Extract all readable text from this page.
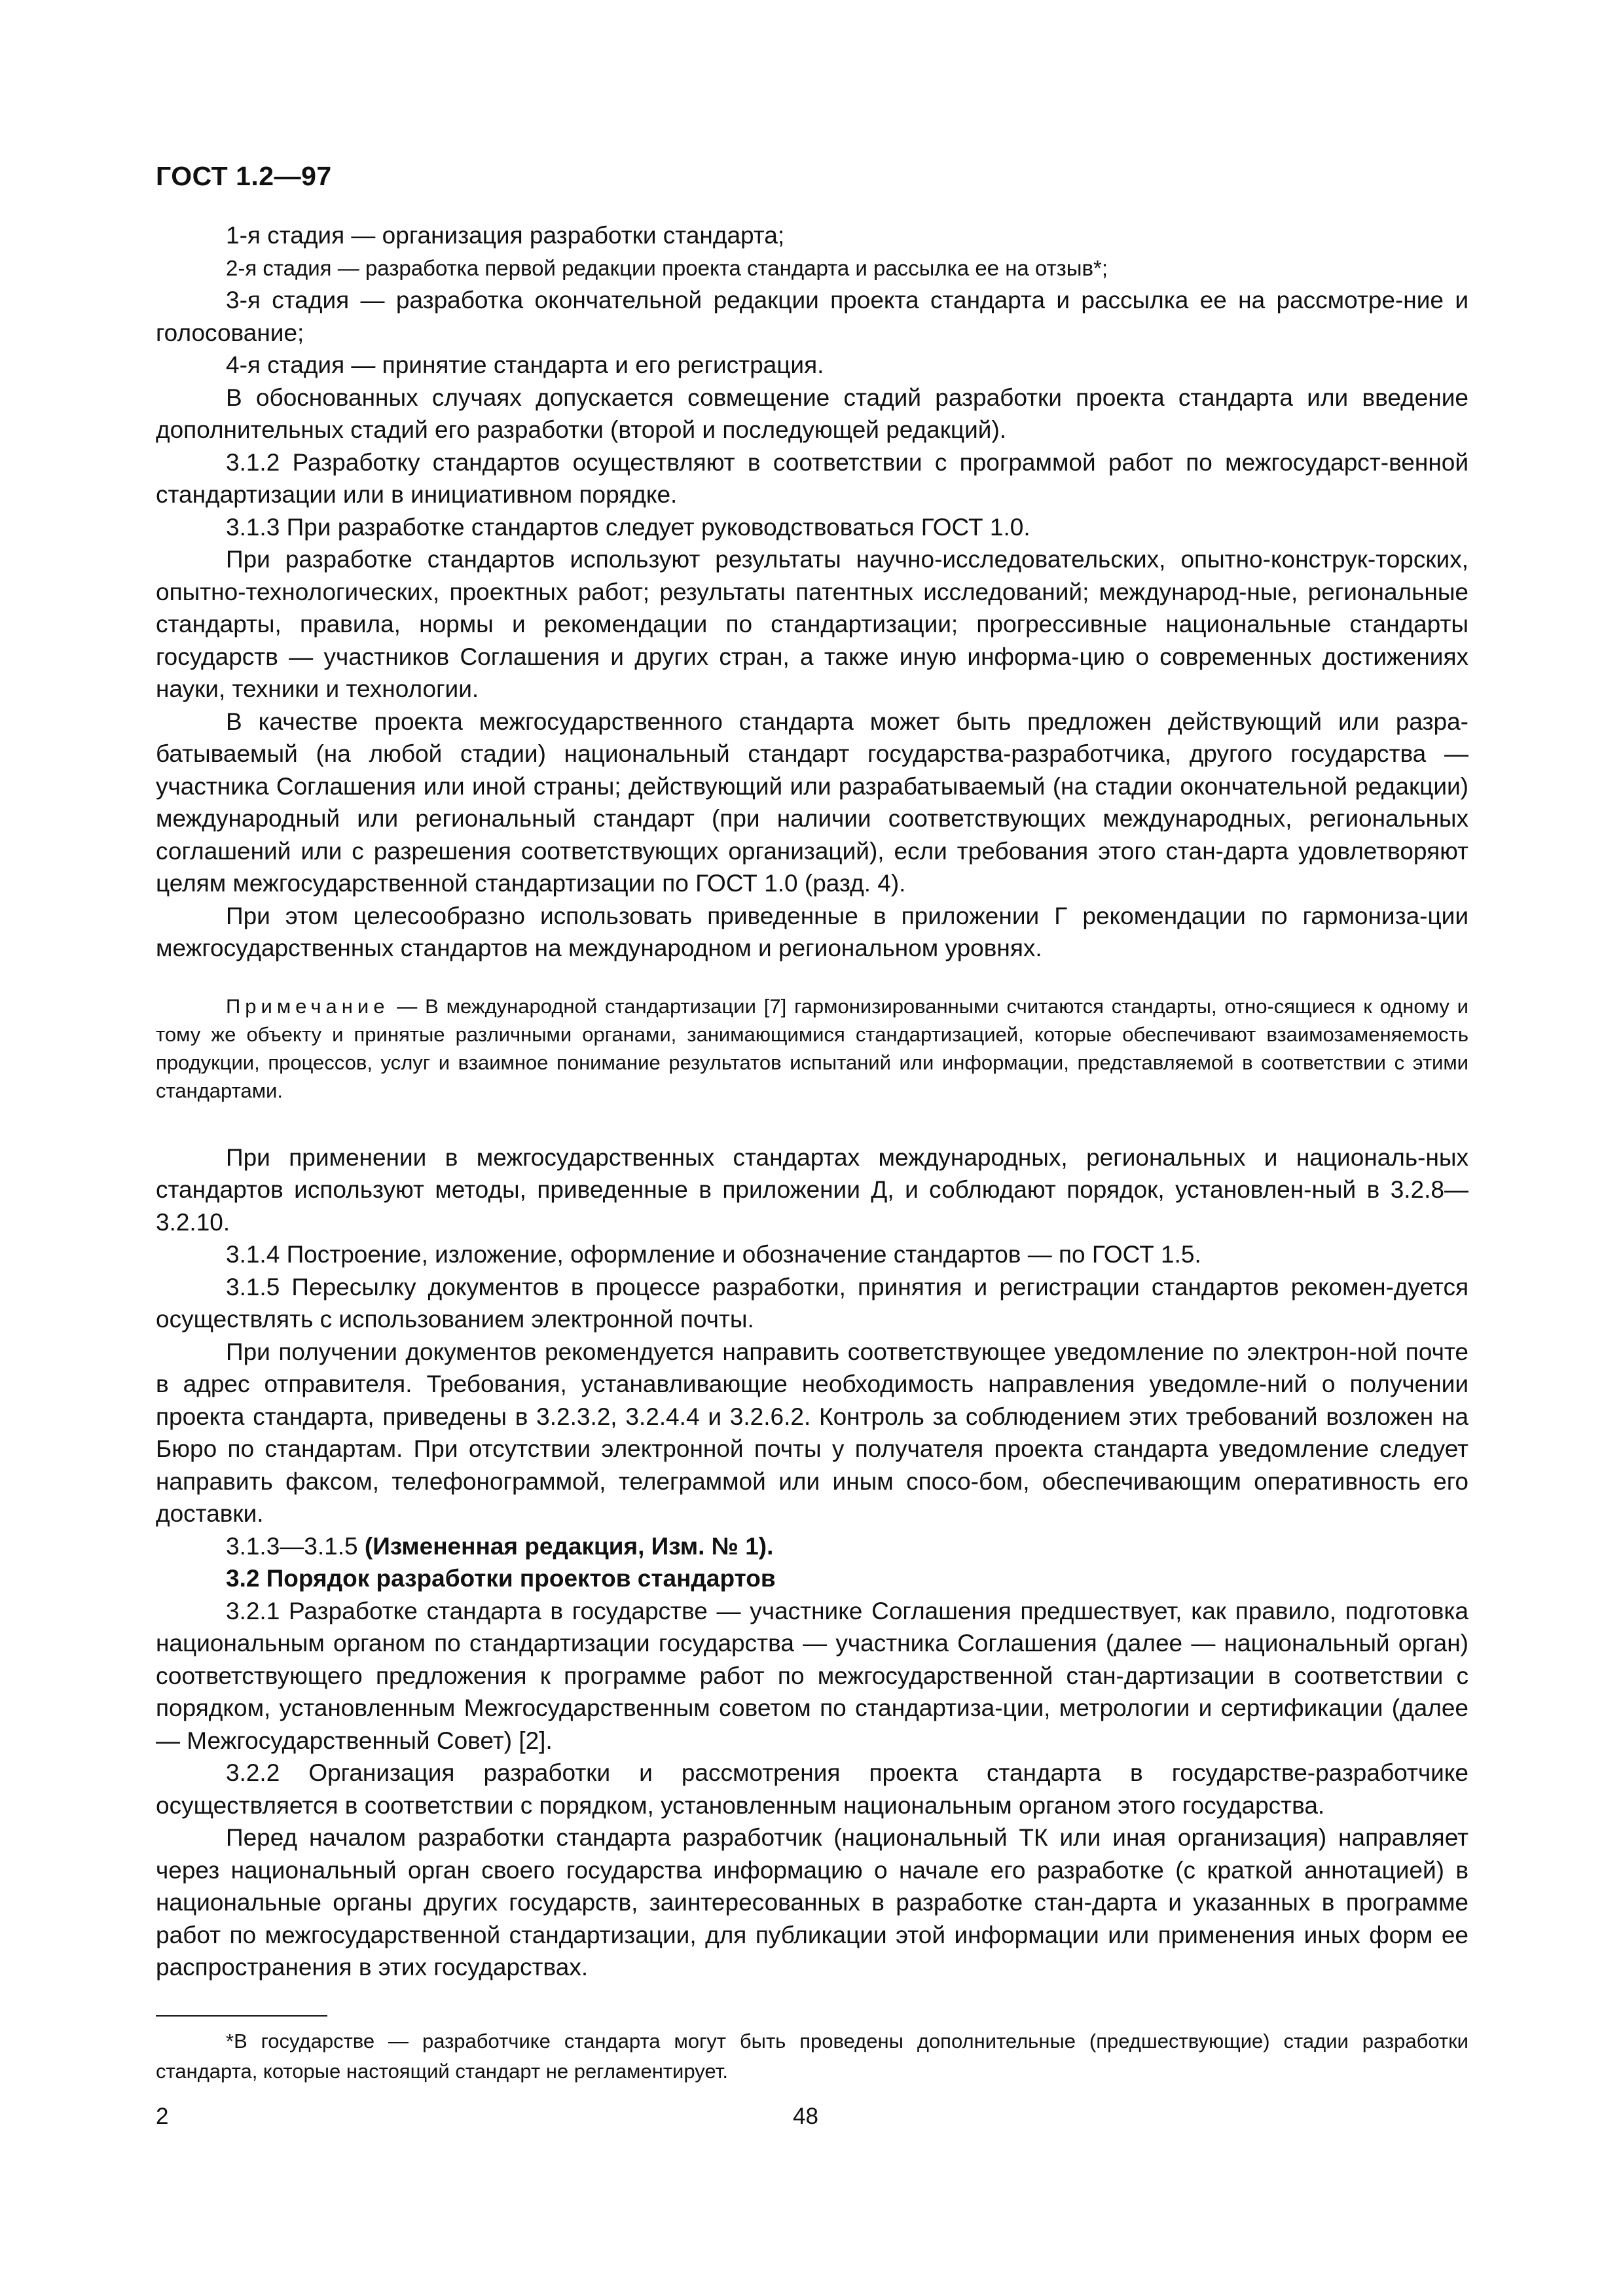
ГОСТ 1.2—97

1-я стадия — организация разработки стандарта;

2-я стадия — разработка первой редакции проекта стандарта и рассылка ее на отзыв*;

3-я стадия — разработка окончательной редакции проекта стандарта и рассылка ее на рассмотре-ние и голосование;

4-я стадия — принятие стандарта и его регистрация.

В обоснованных случаях допускается совмещение стадий разработки проекта стандарта или введение дополнительных стадий его разработки (второй и последующей редакций).

3.1.2 Разработку стандартов осуществляют в соответствии с программой работ по межгосударст-венной стандартизации или в инициативном порядке.

3.1.3 При разработке стандартов следует руководствоваться ГОСТ 1.0.

При разработке стандартов используют результаты научно-исследовательских, опытно-конструк-торских, опытно-технологических, проектных работ; результаты патентных исследований; международ-ные, региональные стандарты, правила, нормы и рекомендации по стандартизации; прогрессивные национальные стандарты государств — участников Соглашения и других стран, а также иную информа-цию о современных достижениях науки, техники и технологии.

В качестве проекта межгосударственного стандарта может быть предложен действующий или разра-батываемый (на любой стадии) национальный стандарт государства-разработчика, другого государства — участника Соглашения или иной страны; действующий или разрабатываемый (на стадии окончательной редакции) международный или региональный стандарт (при наличии соответствующих международных, региональных соглашений или с разрешения соответствующих организаций), если требования этого стан-дарта удовлетворяют целям межгосударственной стандартизации по ГОСТ 1.0 (разд. 4).

При этом целесообразно использовать приведенные в приложении Г рекомендации по гармониза-ции межгосударственных стандартов на международном и региональном уровнях.

Примечание — В международной стандартизации [7] гармонизированными считаются стандарты, отно-сящиеся к одному и тому же объекту и принятые различными органами, занимающимися стандартизацией, которые обеспечивают взаимозаменяемость продукции, процессов, услуг и взаимное понимание результатов испытаний или информации, представляемой в соответствии с этими стандартами.

При применении в межгосударственных стандартах международных, региональных и националь-ных стандартов используют методы, приведенные в приложении Д, и соблюдают порядок, установлен-ный в 3.2.8—3.2.10.

3.1.4 Построение, изложение, оформление и обозначение стандартов — по ГОСТ 1.5.

3.1.5 Пересылку документов в процессе разработки, принятия и регистрации стандартов рекомен-дуется осуществлять с использованием электронной почты.

При получении документов рекомендуется направить соответствующее уведомление по электрон-ной почте в адрес отправителя. Требования, устанавливающие необходимость направления уведомле-ний о получении проекта стандарта, приведены в 3.2.3.2, 3.2.4.4 и 3.2.6.2. Контроль за соблюдением этих требований возложен на Бюро по стандартам. При отсутствии электронной почты у получателя проекта стандарта уведомление следует направить факсом, телефонограммой, телеграммой или иным спосо-бом, обеспечивающим оперативность его доставки.

3.1.3—3.1.5 (Измененная редакция, Изм. № 1).

3.2 Порядок разработки проектов стандартов

3.2.1 Разработке стандарта в государстве — участнике Соглашения предшествует, как правило, подготовка национальным органом по стандартизации государства — участника Соглашения (далее — национальный орган) соответствующего предложения к программе работ по межгосударственной стан-дартизации в соответствии с порядком, установленным Межгосударственным советом по стандартиза-ции, метрологии и сертификации (далее — Межгосударственный Совет) [2].

3.2.2 Организация разработки и рассмотрения проекта стандарта в государстве-разработчике осуществляется в соответствии с порядком, установленным национальным органом этого государства.

Перед началом разработки стандарта разработчик (национальный ТК или иная организация) направляет через национальный орган своего государства информацию о начале его разработке (с краткой аннотацией) в национальные органы других государств, заинтересованных в разработке стан-дарта и указанных в программе работ по межгосударственной стандартизации, для публикации этой информации или применения иных форм ее распространения в этих государствах.

*В государстве — разработчике стандарта могут быть проведены дополнительные (предшествующие) стадии разработки стандарта, которые настоящий стандарт не регламентирует.
2	48
